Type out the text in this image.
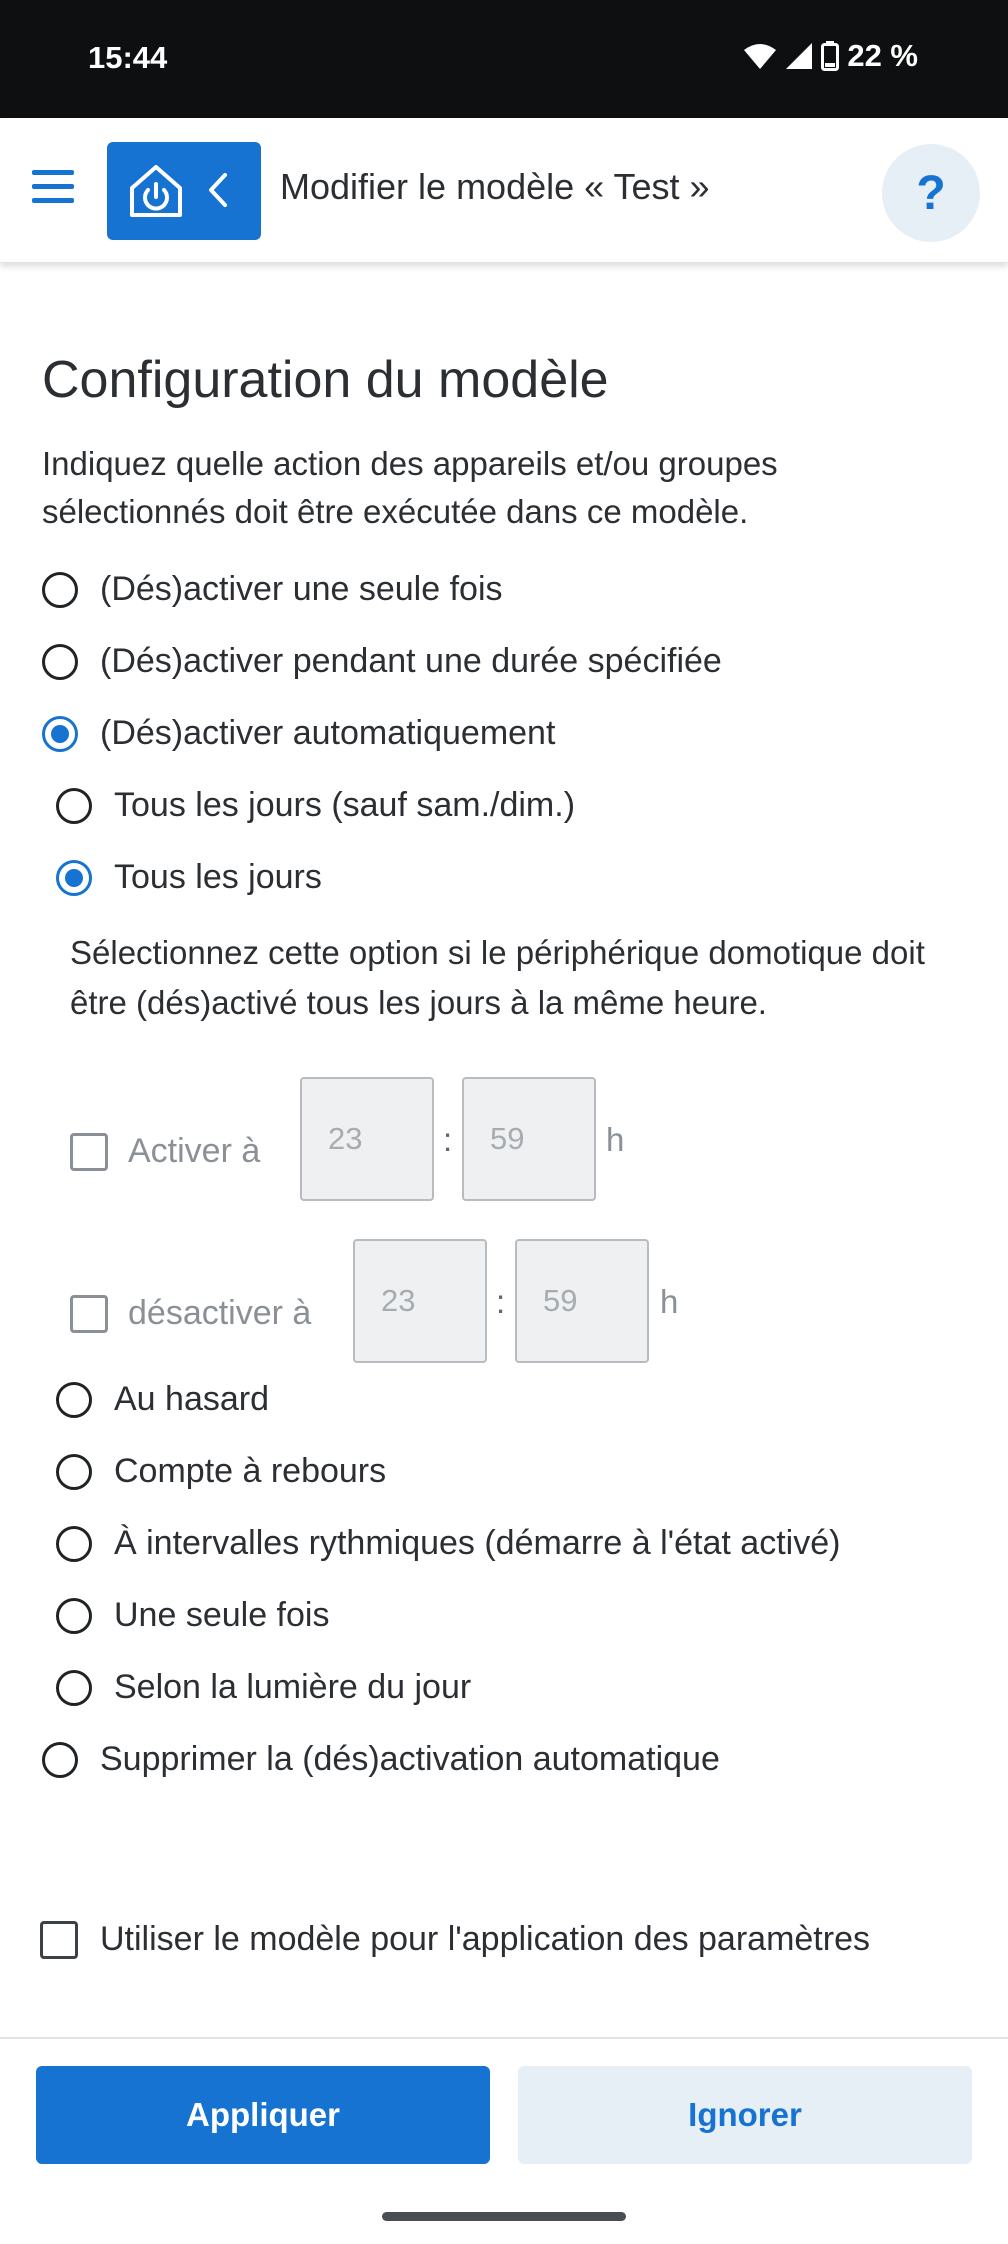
15:44	22 %
Modifier le modèle « Test »	?
Configuration du modèle
Indiquez quelle action des appareils et/ou groupes sélectionnés doit être exécutée dans ce modèle.
(Dés)activer une seule fois
(Dés)activer pendant une durée spécifiée
(Dés)activer automatiquement
Tous les jours (sauf sam./dim.)
Tous les jours
Sélectionnez cette option si le périphérique domotique doit être (dés)activé tous les jours à la même heure.
Activer à	23	:	59	h
désactiver à	23	:	59	h
Au hasard
Compte à rebours
À intervalles rythmiques (démarre à l'état activé)
Une seule fois
Selon la lumière du jour
Supprimer la (dés)activation automatique
Utiliser le modèle pour l'application des paramètres
Appliquer	Ignorer
